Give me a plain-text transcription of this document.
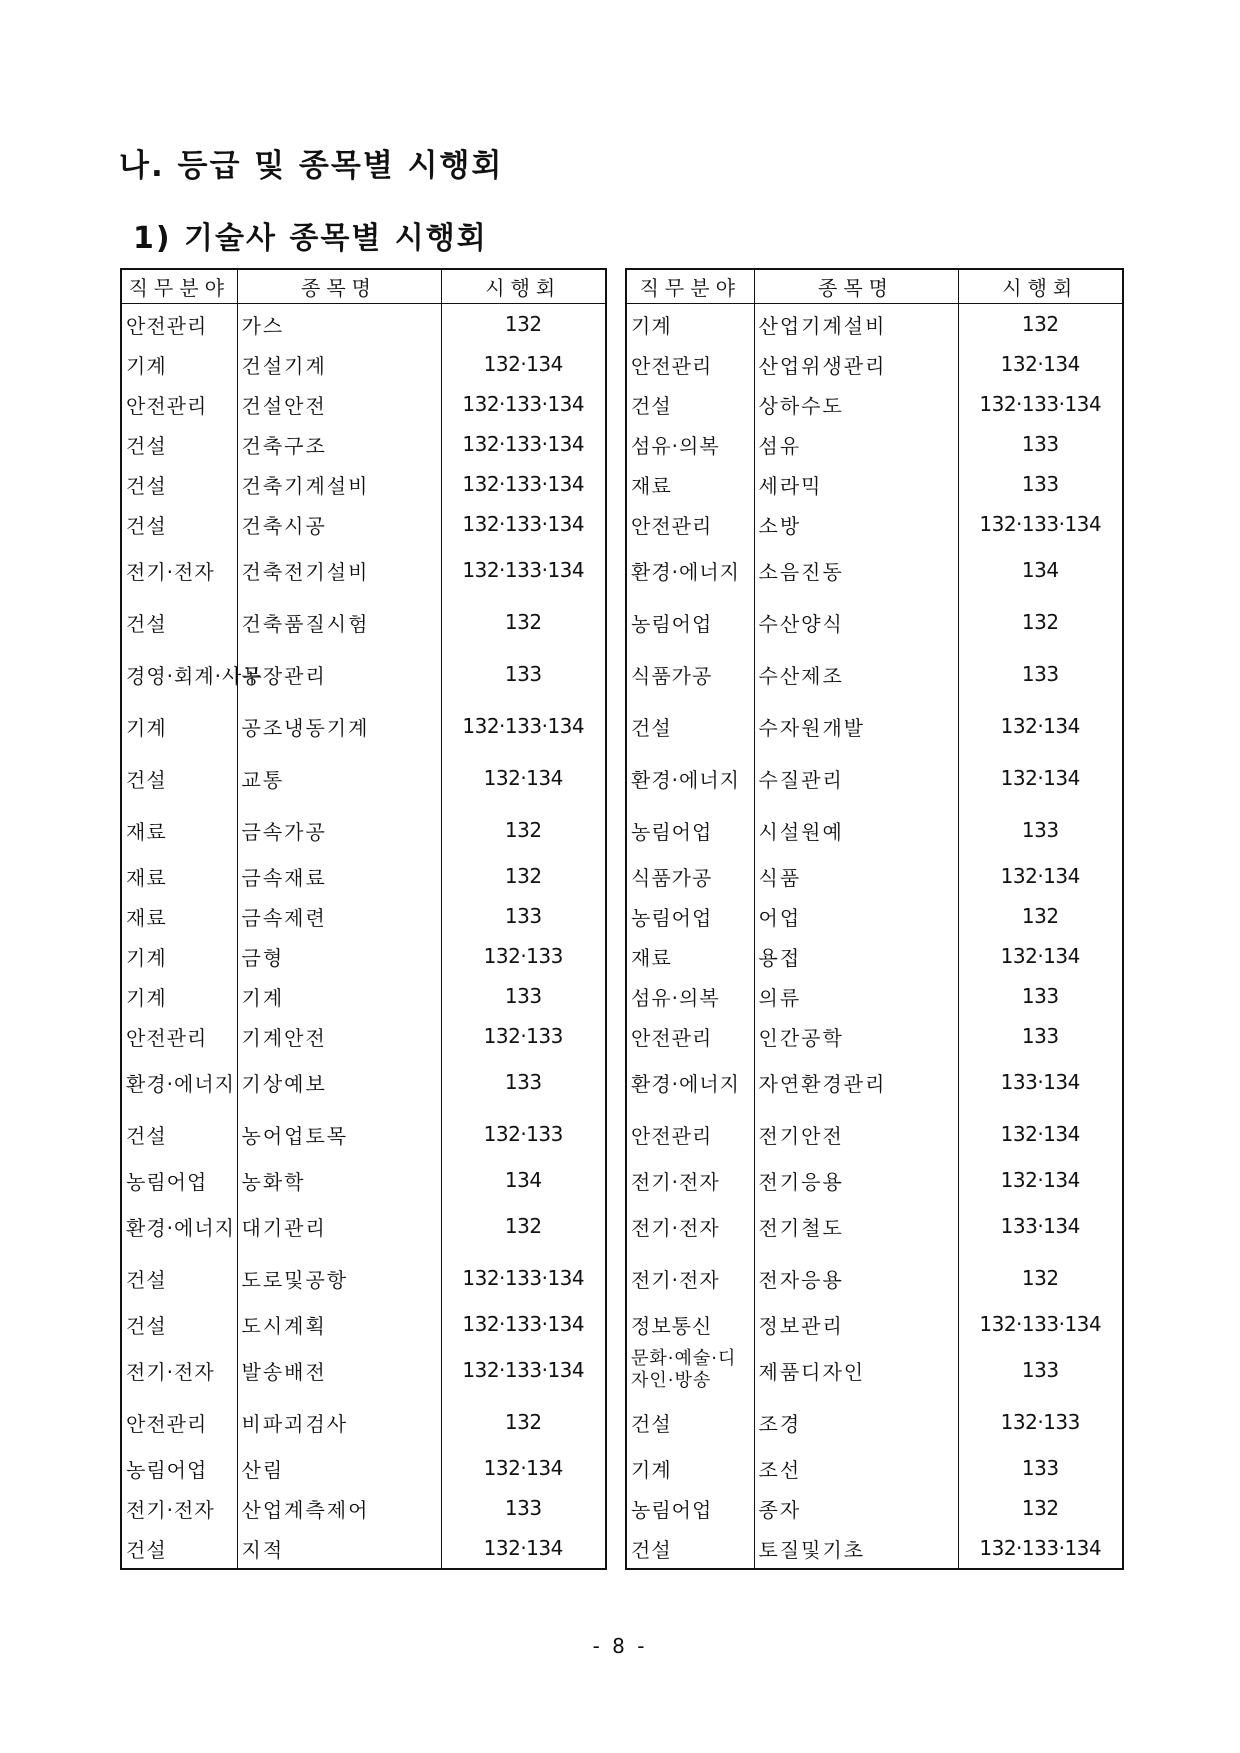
나. 등급 및 종목별 시행회
1) 기술사 종목별 시행회
직무분야	종목명	시행회
안전관리	가스	132
기계	건설기계	132·134
안전관리	건설안전	132·133·134
건설	건축구조	132·133·134
건설	건축기계설비	132·133·134
건설	건축시공	132·133·134
전기·전자	건축전기설비	132·133·134
건설	건축품질시험	132
경영·회계·사무	공장관리	133
기계	공조냉동기계	132·133·134
건설	교통	132·134
재료	금속가공	132
재료	금속재료	132
재료	금속제련	133
기계	금형	132·133
기계	기계	133
안전관리	기계안전	132·133
환경·에너지	기상예보	133
건설	농어업토목	132·133
농림어업	농화학	134
환경·에너지	대기관리	132
건설	도로및공항	132·133·134
건설	도시계획	132·133·134
전기·전자	발송배전	132·133·134
안전관리	비파괴검사	132
농림어업	산림	132·134
전기·전자	산업계측제어	133
건설	지적	132·134
직무분야	종목명	시행회
기계	산업기계설비	132
안전관리	산업위생관리	132·134
건설	상하수도	132·133·134
섬유·의복	섬유	133
재료	세라믹	133
안전관리	소방	132·133·134
환경·에너지	소음진동	134
농림어업	수산양식	132
식품가공	수산제조	133
건설	수자원개발	132·134
환경·에너지	수질관리	132·134
농림어업	시설원예	133
식품가공	식품	132·134
농림어업	어업	132
재료	용접	132·134
섬유·의복	의류	133
안전관리	인간공학	133
환경·에너지	자연환경관리	133·134
안전관리	전기안전	132·134
전기·전자	전기응용	132·134
전기·전자	전기철도	133·134
전기·전자	전자응용	132
정보통신	정보관리	132·133·134
문화·예술·디자인·방송	제품디자인	133
건설	조경	132·133
기계	조선	133
농림어업	종자	132
건설	토질및기초	132·133·134
- 8 -
